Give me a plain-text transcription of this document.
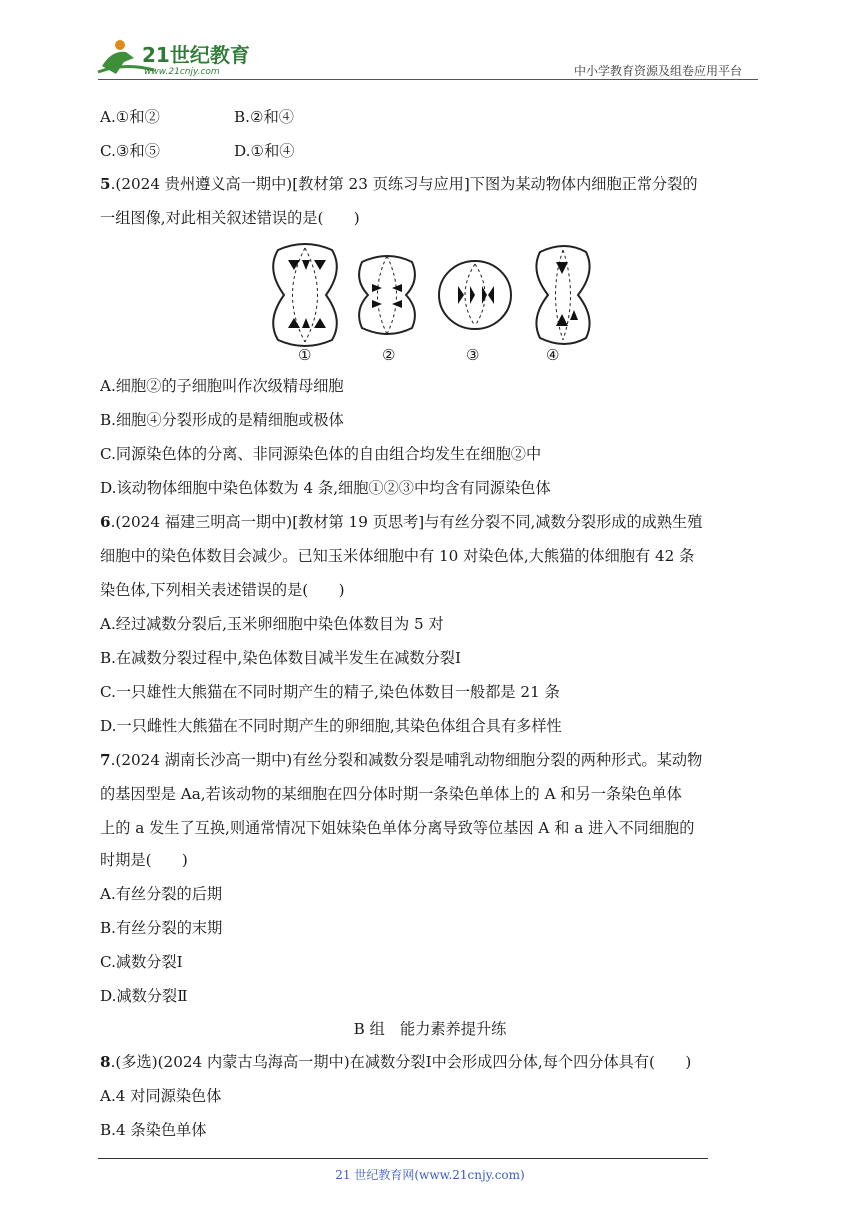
21世纪教育
www.21cnjy.com	中小学教育资源及组卷应用平台
A.①和②	B.②和④
C.③和⑤	D.①和④
5.(2024 贵州遵义高一期中)[教材第 23 页练习与应用]下图为某动物体内细胞正常分裂的
一组图像,对此相关叙述错误的是(　　)
①	②	③	④
A.细胞②的子细胞叫作次级精母细胞
B.细胞④分裂形成的是精细胞或极体
C.同源染色体的分离、非同源染色体的自由组合均发生在细胞②中
D.该动物体细胞中染色体数为 4 条,细胞①②③中均含有同源染色体
6.(2024 福建三明高一期中)[教材第 19 页思考]与有丝分裂不同,减数分裂形成的成熟生殖
细胞中的染色体数目会减少。已知玉米体细胞中有 10 对染色体,大熊猫的体细胞有 42 条
染色体,下列相关表述错误的是(　　)
A.经过减数分裂后,玉米卵细胞中染色体数目为 5 对
B.在减数分裂过程中,染色体数目减半发生在减数分裂Ⅰ
C.一只雄性大熊猫在不同时期产生的精子,染色体数目一般都是 21 条
D.一只雌性大熊猫在不同时期产生的卵细胞,其染色体组合具有多样性
7.(2024 湖南长沙高一期中)有丝分裂和减数分裂是哺乳动物细胞分裂的两种形式。某动物
的基因型是 Aa,若该动物的某细胞在四分体时期一条染色单体上的 A 和另一条染色单体
上的 a 发生了互换,则通常情况下姐妹染色单体分离导致等位基因 A 和 a 进入不同细胞的
时期是(　　)
A.有丝分裂的后期
B.有丝分裂的末期
C.减数分裂Ⅰ
D.减数分裂Ⅱ
B 组　能力素养提升练
8.(多选)(2024 内蒙古乌海高一期中)在减数分裂Ⅰ中会形成四分体,每个四分体具有(　　)
A.4 对同源染色体
B.4 条染色单体
21 世纪教育网(www.21cnjy.com)
